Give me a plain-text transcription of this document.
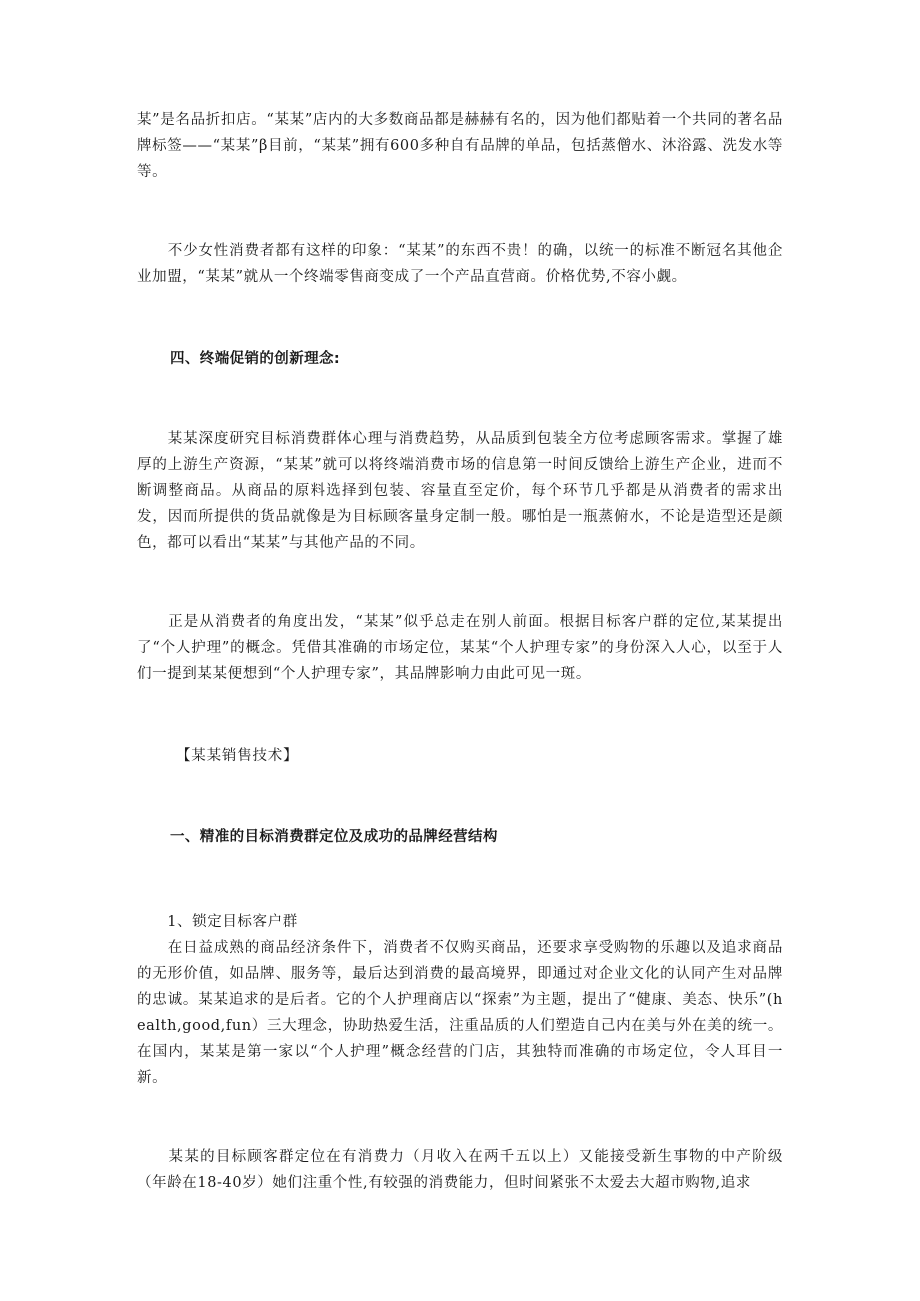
某”是名品折扣店。“某某”店内的大多数商品都是赫赫有名的，因为他们都贴着一个共同的著名品牌标签——“某某”β目前，“某某”拥有600多种自有品牌的单品，包括蒸僧水、沐浴露、洗发水等等。

　　不少女性消费者都有这样的印象：“某某”的东西不贵！的确，以统一的标准不断冠名其他企业加盟，“某某”就从一个终端零售商变成了一个产品直营商。价格优势,不容小觑。

四、终端促销的创新理念:

　　某某深度研究目标消费群体心理与消费趋势，从品质到包装全方位考虑顾客需求。掌握了雄厚的上游生产资源，“某某”就可以将终端消费市场的信息第一时间反馈给上游生产企业，进而不断调整商品。从商品的原料选择到包装、容量直至定价，每个环节几乎都是从消费者的需求出发，因而所提供的货品就像是为目标顾客量身定制一般。哪怕是一瓶蒸俯水，不论是造型还是颜色，都可以看出“某某”与其他产品的不同。

　　正是从消费者的角度出发，“某某”似乎总走在别人前面。根据目标客户群的定位,某某提出了“个人护理”的概念。凭借其准确的市场定位，某某“个人护理专家”的身份深入人心，以至于人们一提到某某便想到“个人护理专家”，其品牌影响力由此可见一斑。

【某某销售技术】

一、精准的目标消费群定位及成功的品牌经营结构

　　1、锁定目标客户群

　　在日益成熟的商品经济条件下，消费者不仅购买商品，还要求享受购物的乐趣以及追求商品的无形价值，如品牌、服务等，最后达到消费的最高境界，即通过对企业文化的认同产生对品牌的忠诚。某某追求的是后者。它的个人护理商店以“探索”为主题，提出了“健康、美态、快乐”(health,good,fun）三大理念，协助热爱生活，注重品质的人们塑造自己内在美与外在美的统一。在国内，某某是第一家以“个人护理”概念经营的门店，其独特而准确的市场定位，令人耳目一新。

　　某某的目标顾客群定位在有消费力（月收入在两千五以上）又能接受新生事物的中产阶级（年龄在18-40岁）她们注重个性,有较强的消费能力，但时间紧张不太爱去大超市购物,追求
